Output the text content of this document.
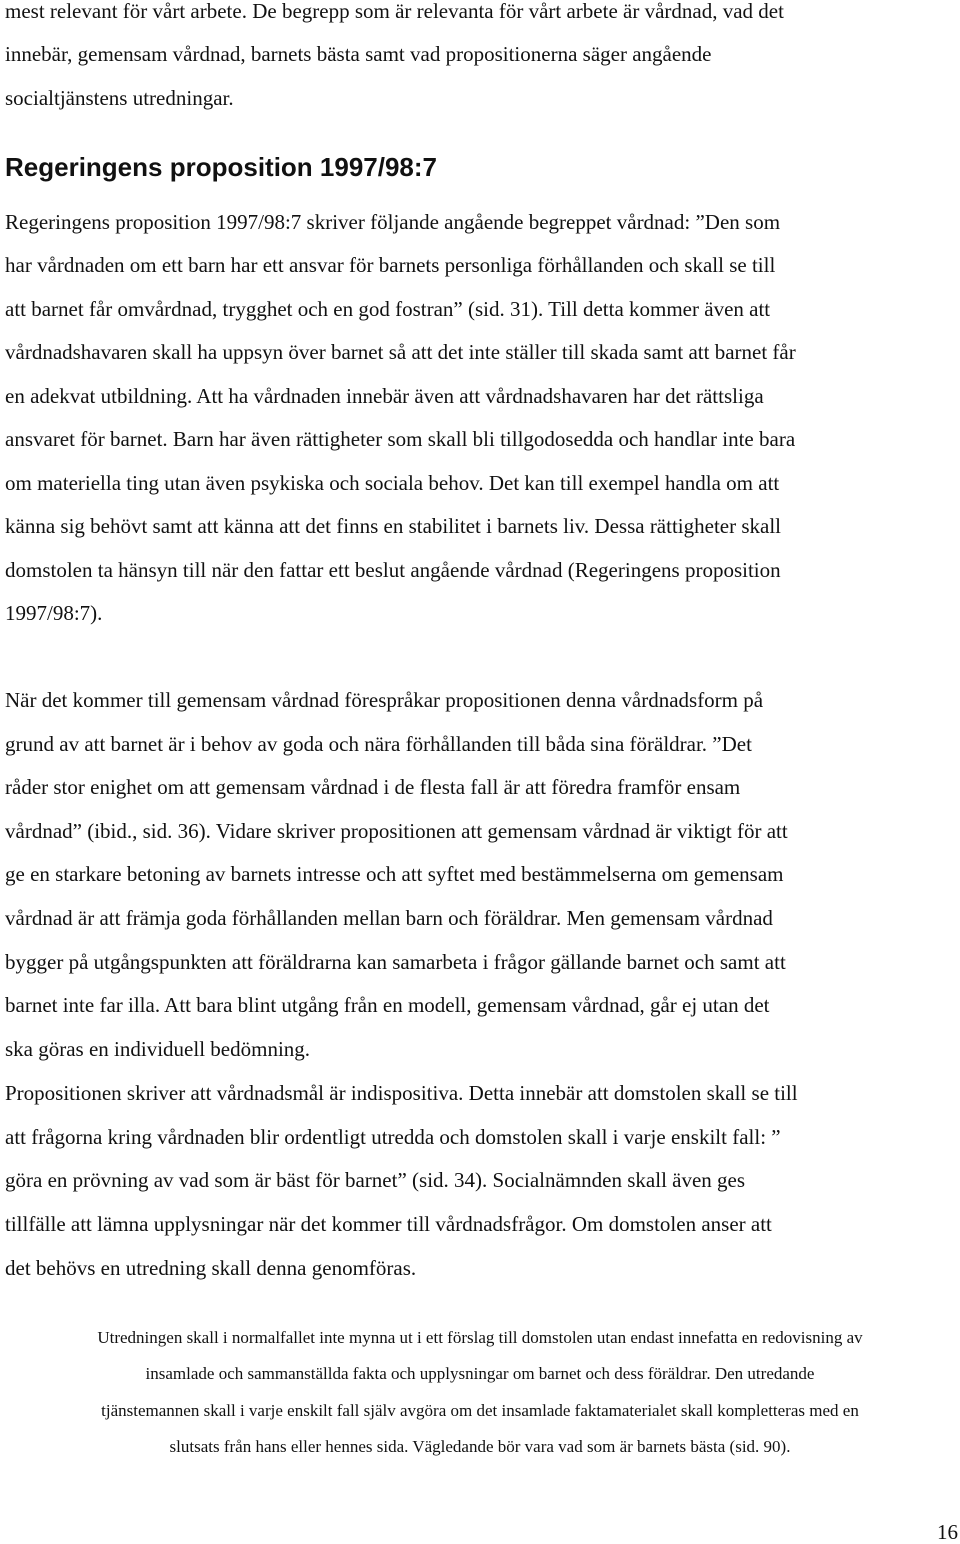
mest relevant för vårt arbete. De begrepp som är relevanta för vårt arbete är vårdnad, vad det

innebär, gemensam vårdnad, barnets bästa samt vad propositionerna säger angående

socialtjänstens utredningar.

Regeringens proposition 1997/98:7

Regeringens proposition 1997/98:7 skriver följande angående begreppet vårdnad: ”Den som

har vårdnaden om ett barn har ett ansvar för barnets personliga förhållanden och skall se till

att barnet får omvårdnad, trygghet och en god fostran” (sid. 31). Till detta kommer även att

vårdnadshavaren skall ha uppsyn över barnet så att det inte ställer till skada samt att barnet får

en adekvat utbildning. Att ha vårdnaden innebär även att vårdnadshavaren har det rättsliga

ansvaret för barnet. Barn har även rättigheter som skall bli tillgodosedda och handlar inte bara

om materiella ting utan även psykiska och sociala behov. Det kan till exempel handla om att

känna sig behövt samt att känna att det finns en stabilitet i barnets liv. Dessa rättigheter skall

domstolen ta hänsyn till när den fattar ett beslut angående vårdnad (Regeringens proposition

1997/98:7).

När det kommer till gemensam vårdnad förespråkar propositionen denna vårdnadsform på

grund av att barnet är i behov av goda och nära förhållanden till båda sina föräldrar. ”Det

råder stor enighet om att gemensam vårdnad i de flesta fall är att föredra framför ensam

vårdnad” (ibid., sid. 36). Vidare skriver propositionen att gemensam vårdnad är viktigt för att

ge en starkare betoning av barnets intresse och att syftet med bestämmelserna om gemensam

vårdnad är att främja goda förhållanden mellan barn och föräldrar. Men gemensam vårdnad

bygger på utgångspunkten att föräldrarna kan samarbeta i frågor gällande barnet och samt att

barnet inte far illa. Att bara blint utgång från en modell, gemensam vårdnad, går ej utan det

ska göras en individuell bedömning.

Propositionen skriver att vårdnadsmål är indispositiva. Detta innebär att domstolen skall se till

att frågorna kring vårdnaden blir ordentligt utredda och domstolen skall i varje enskilt fall: ”

göra en prövning av vad som är bäst för barnet” (sid. 34). Socialnämnden skall även ges

tillfälle att lämna upplysningar när det kommer till vårdnadsfrågor. Om domstolen anser att

det behövs en utredning skall denna genomföras.

Utredningen skall i normalfallet inte mynna ut i ett förslag till domstolen utan endast innefatta en redovisning av

insamlade och sammanställda fakta och upplysningar om barnet och dess föräldrar. Den utredande

tjänstemannen skall i varje enskilt fall själv avgöra om det insamlade faktamaterialet skall kompletteras med en

slutsats från hans eller hennes sida. Vägledande bör vara vad som är barnets bästa (sid. 90).

16
